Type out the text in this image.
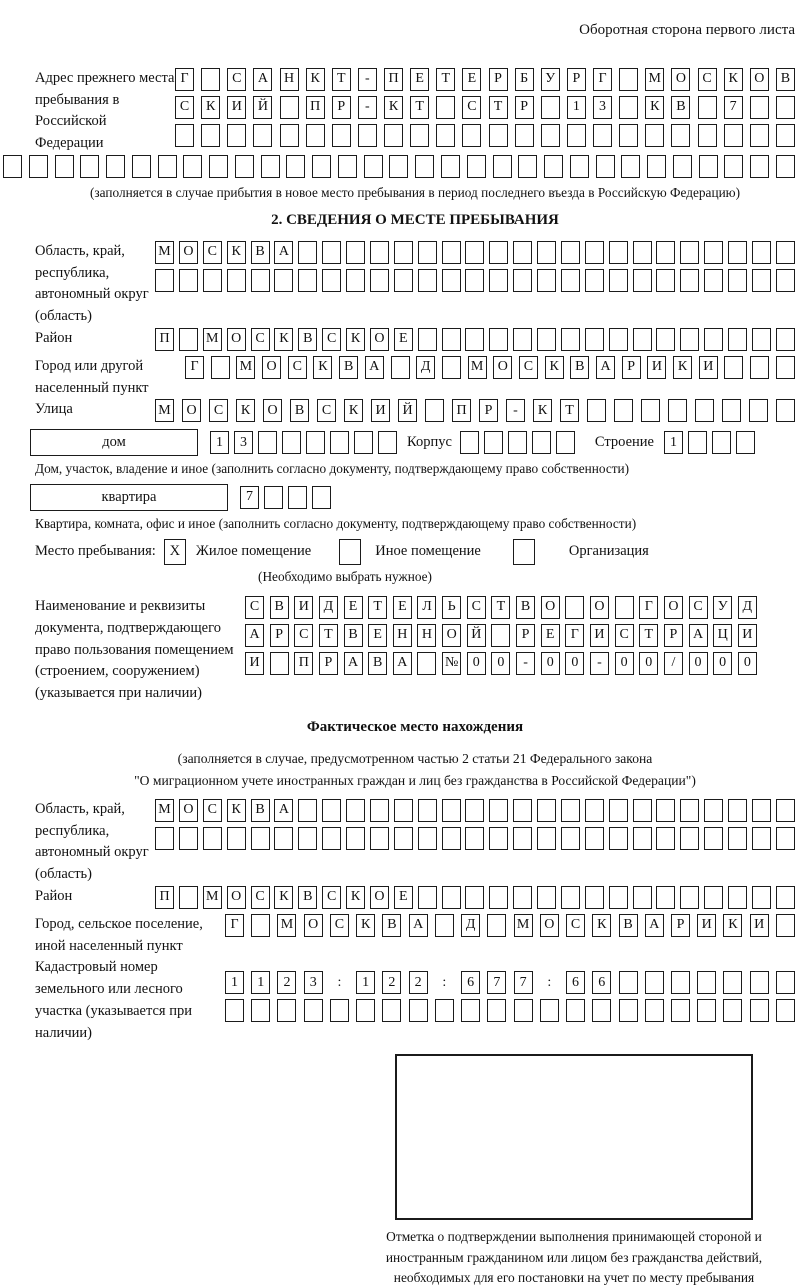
Оборотная сторона первого листа
Адрес прежнего места пребывания в Российской Федерации
Г	С	А	Н	К	Т	-	П	Е	Т	Е	Р	Б	У	Р	Г	М	О	С	К	О	В
С	К	И	Й	П	Р	-	К	Т	С	Т	Р	1	3	К	В	7
(заполняется в случае прибытия в новое место пребывания в период последнего въезда в Российскую Федерацию)
2. СВЕДЕНИЯ О МЕСТЕ ПРЕБЫВАНИЯ
Область, край, республика, автономный округ (область)
М О	С	К	В	А
Район	П	М О	С	К	В	С	К	О	Е
Город или другой населенный пункт
Г	М	О	С	К	В	А	Д	М	О	С	К	В	А	Р	И	К	И
Улица	М	О	С	К	О	В	С	К	И	Й	П	Р	-	К	Т
дом	1	3	Корпус	Строение	1
Дом, участок, владение и иное (заполнить согласно документу, подтверждающему право собственности)
квартира	7
Квартира, комната, офис и иное (заполнить согласно документу, подтверждающему право собственности)
Место пребывания: X	Жилое помещение	Иное помещение	Организация
(Необходимо выбрать нужное)
Наименование и реквизиты документа, подтверждающего право пользования помещением (строением, сооружением) (указывается при наличии)
С	В	И	Д	Е	Т	Е	Л	Ь	С	Т	В	О	О	Г	О	С	У	Д
А	Р	С	Т	В	Е	Н	Н	О	Й	Р	Е	Г	И	С	Т	Р	А	Ц	И
И	П	Р	А	В	А	№	0	0	-	0	0	-	0	0	/	0	0	0
Фактическое место нахождения
(заполняется в случае, предусмотренном частью 2 статьи 21 Федерального закона
"О миграционном учете иностранных граждан и лиц без гражданства в Российской Федерации")
Область, край, республика, автономный округ (область)
М О	С	К	В	А
Район	П	М О	С	К	В	С	К	О	Е
Город, сельское поселение, иной населенный пункт
Г	М	О	С	К	В	А	Д	М	О	С	К	В	А	Р	И	К	И
Кадастровый номер земельного или лесного участка (указывается при наличии)
1	1	2	3	:	1	2	2	:	6	7	7	:	6	6
Отметка о подтверждении выполнения принимающей стороной и иностранным гражданином или лицом без гражданства действий, необходимых для его постановки на учет по месту пребывания
